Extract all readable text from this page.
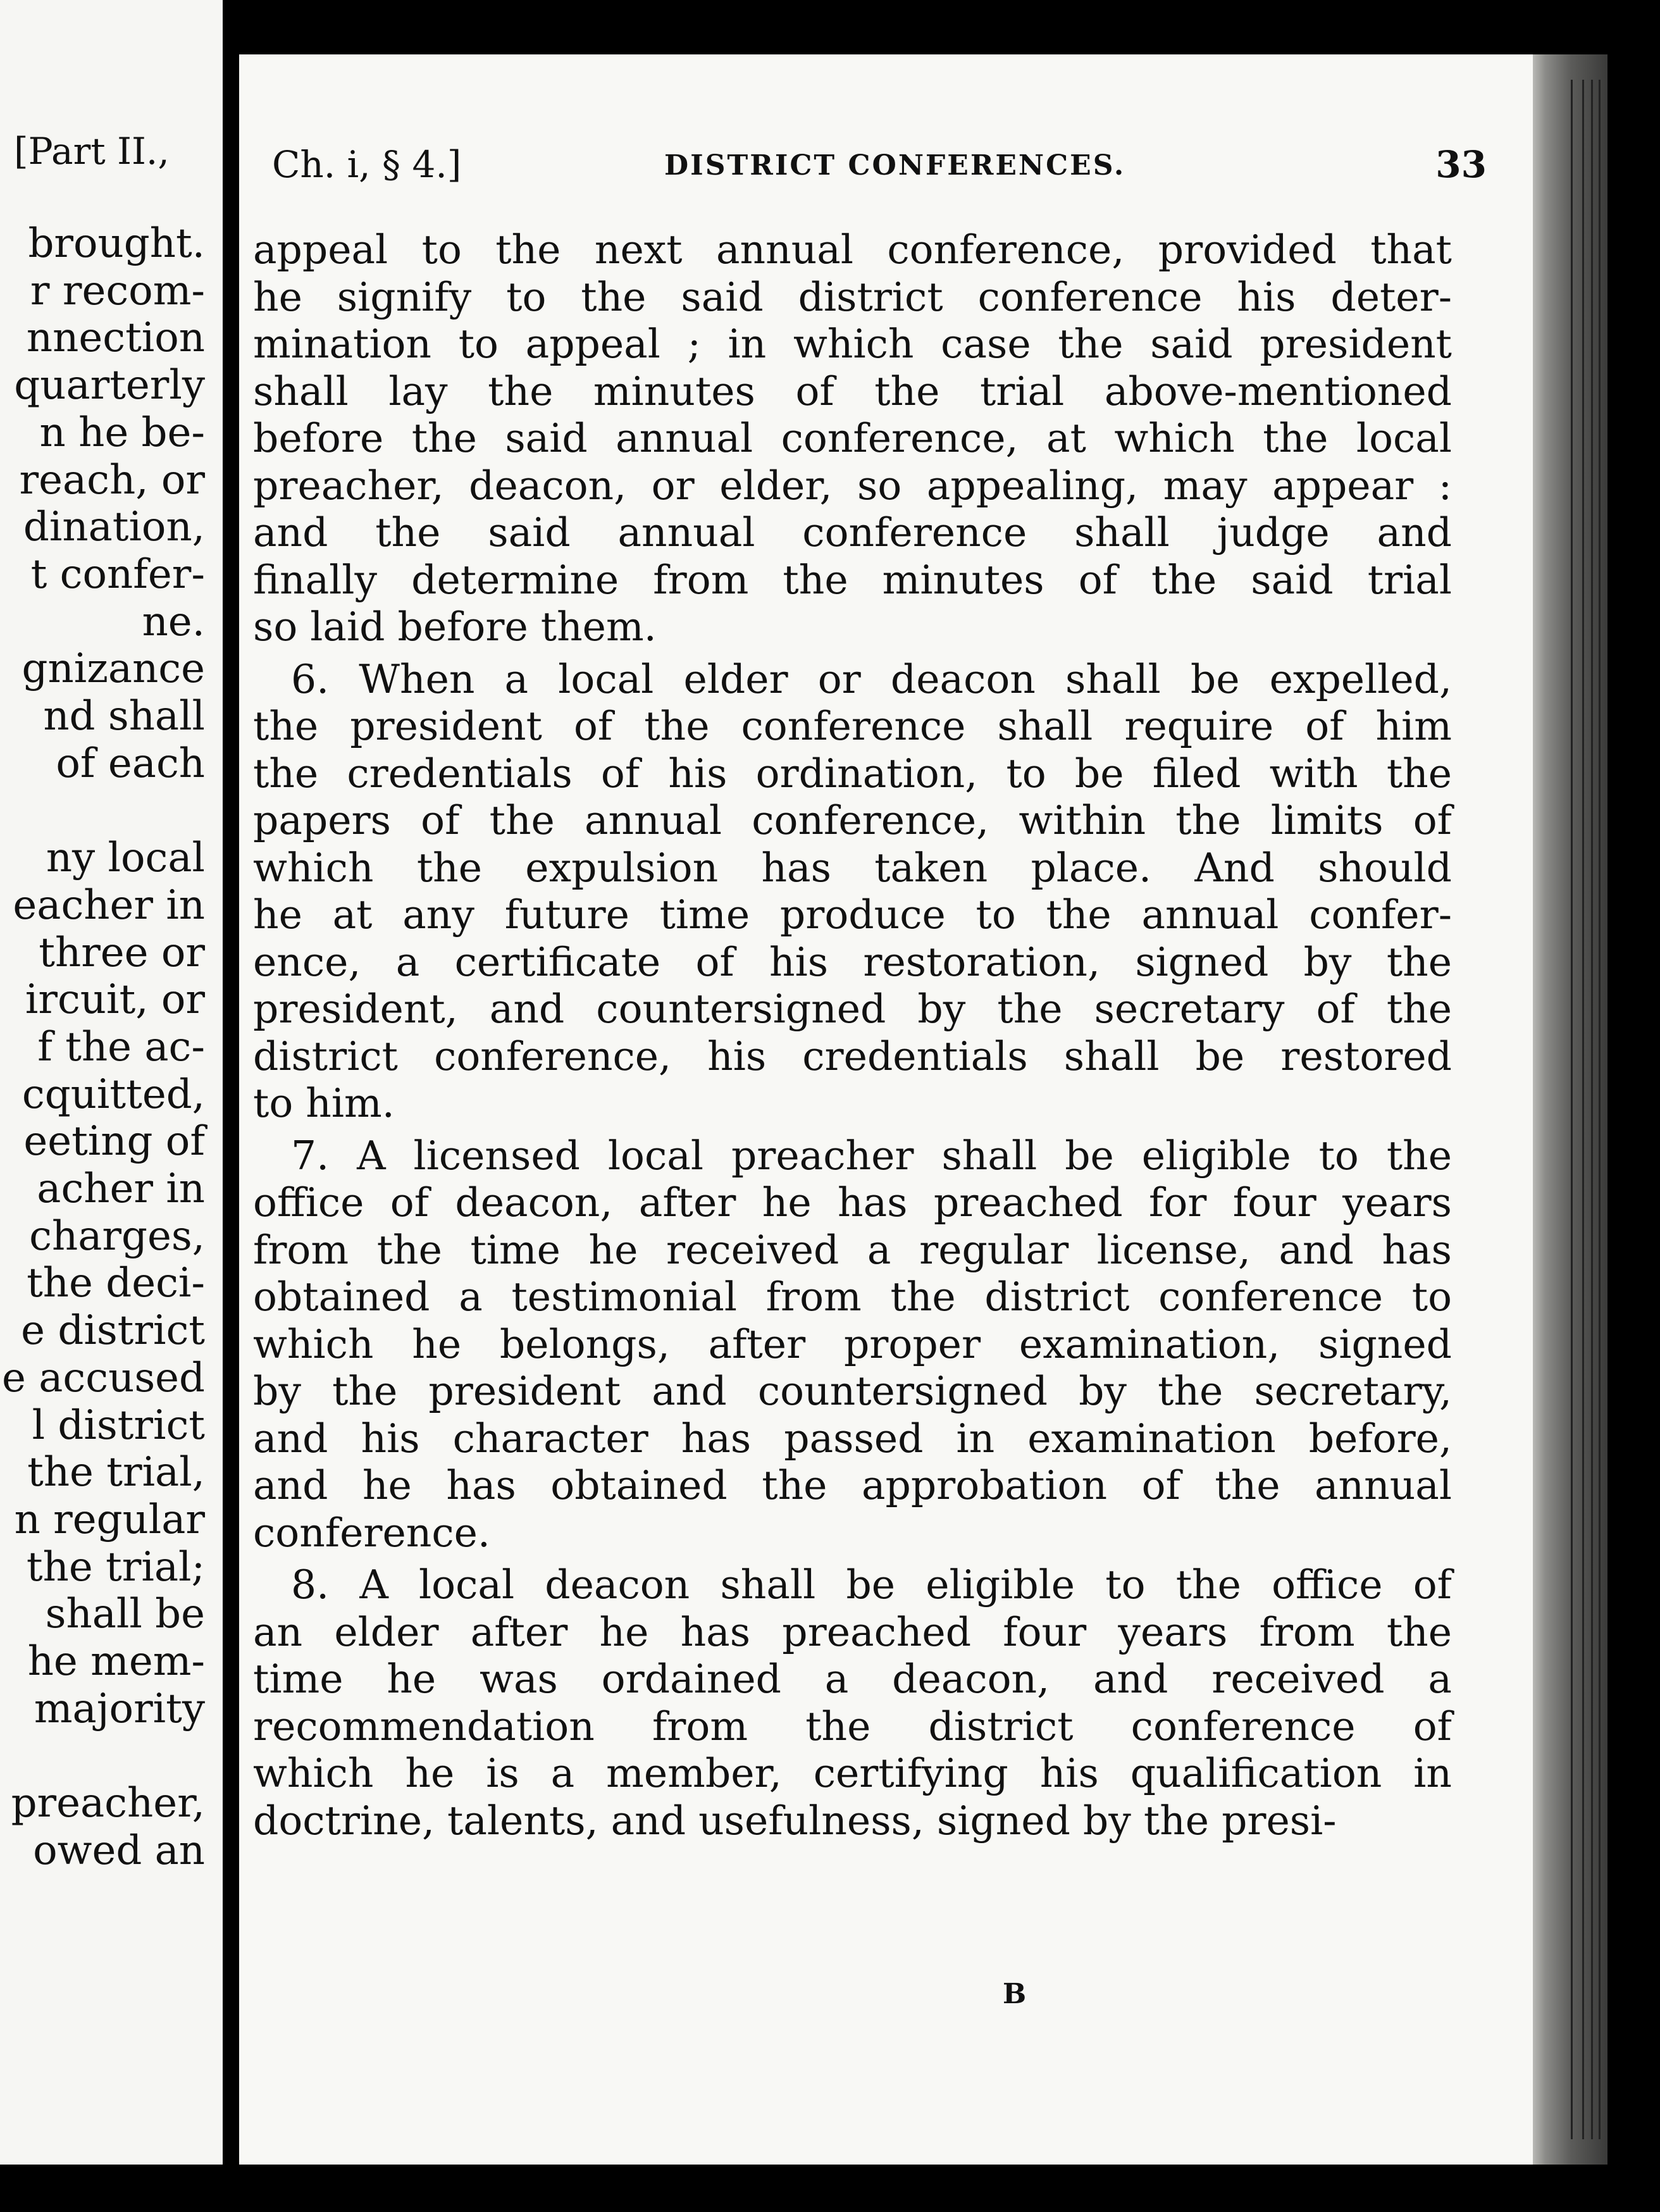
[Part II.,
brought.
r recom-
nnection
quarterly
n he be-
reach, or
dination,
t confer-
ne.
gnizance
nd shall
of each

ny local
eacher in
three or
ircuit, or
f the ac-
cquitted,
eeting of
acher in
charges,
the deci-
e district
e accused
l district
the trial,
n regular
the trial;
shall be
he mem-
majority

preacher,
owed an
Ch. i, § 4.]	DISTRICT CONFERENCES.	33
appeal to the next annual conference, provided that
he signify to the said district conference his deter-
mination to appeal ; in which case the said president
shall lay the minutes of the trial above-mentioned
before the said annual conference, at which the local
preacher, deacon, or elder, so appealing, may appear :
and the said annual conference shall judge and
finally determine from the minutes of the said trial
so laid before them.
6. When a local elder or deacon shall be expelled,
the president of the conference shall require of him
the credentials of his ordination, to be filed with the
papers of the annual conference, within the limits of
which the expulsion has taken place. And should
he at any future time produce to the annual confer-
ence, a certificate of his restoration, signed by the
president, and countersigned by the secretary of the
district conference, his credentials shall be restored
to him.
7. A licensed local preacher shall be eligible to the
office of deacon, after he has preached for four years
from the time he received a regular license, and has
obtained a testimonial from the district conference to
which he belongs, after proper examination, signed
by the president and countersigned by the secretary,
and his character has passed in examination before,
and he has obtained the approbation of the annual
conference.
8. A local deacon shall be eligible to the office of
an elder after he has preached four years from the
time he was ordained a deacon, and received a
recommendation from the district conference of
which he is a member, certifying his qualification in
doctrine, talents, and usefulness, signed by the presi-
B
